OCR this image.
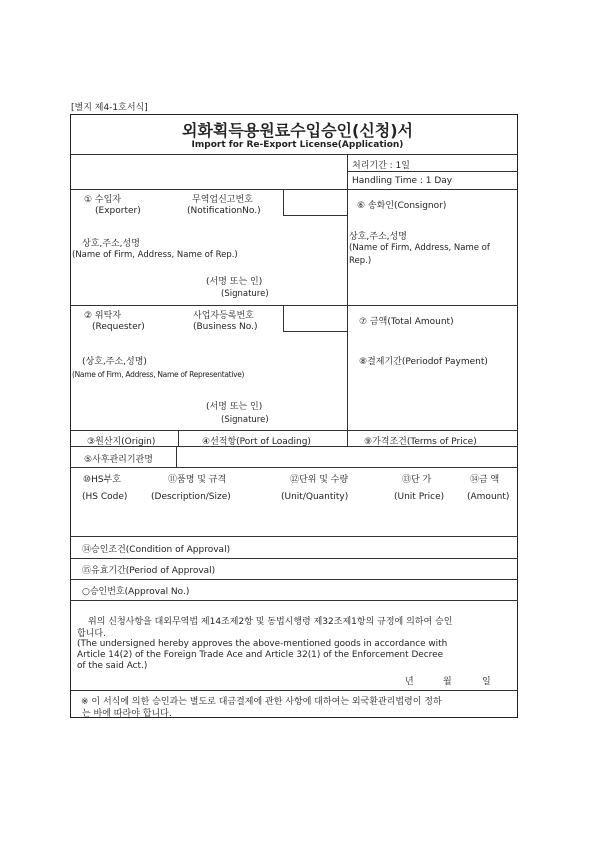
[별지 제4-1호서식]
외화획득용원료수입승인(신청)서
Import for Re-Export License(Application)
처리기간 : 1일
Handling Time : 1 Day
① 수입자
(Exporter)
무역업신고번호
(NotificationNo.)
상호,주소,성명
(Name of Firm, Address, Name of Rep.)
(서명 또는 인)
(Signature)
⑥ 송화인(Consignor)
상호,주소,성명
(Name of Firm, Address, Name of
Rep.)
② 위탁자
(Requester)
사업자등록번호
(Business No.)
(상호,주소,성명)
(Name of Firm, Address, Name of Representative)
(서명 또는 인)
(Signature)
⑦ 금액(Total Amount)
⑧결제기간(Periodof Payment)
③원산지(Origin)	④선적항(Port of Loading)	⑨가격조건(Terms of Price)
⑤사후관리기관명
⑩HS부호
(HS Code)
⑪품명 및 규격
(Description/Size)
⑫단위 및 수량
(Unit/Quantity)
⑬단 가
(Unit Price)
⑭금 액
(Amount)
⑭승인조건(Condition of Approval)
⑮유효기간(Period of Approval)
○승인번호(Approval No.)
위의 신청사항을 대외무역법 제14조제2항 및 동법시행령 제32조제1항의 규정에 의하여 승인
합니다.
(The undersigned hereby approves the above-mentioned goods in accordance with
Article 14(2) of the Foreign Trade Ace and Article 32(1) of the Enforcement Decree
of the said Act.)
년	월	일
※ 이 서식에 의한 승인과는 별도로 대금결제에 관한 사항에 대하여는 외국환관리법령이 정하
는 바에 따라야 합니다.
